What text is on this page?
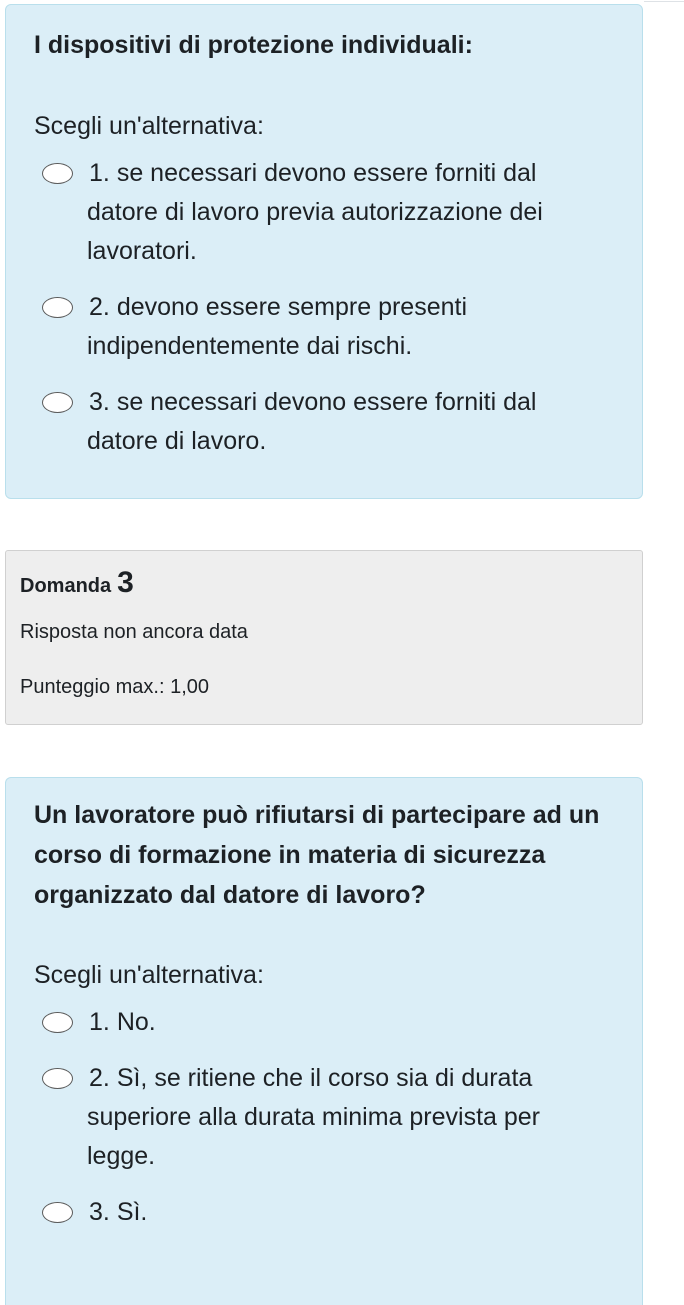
I dispositivi di protezione individuali:
Scegli un'alternativa:
1. se necessari devono essere forniti dal datore di lavoro previa autorizzazione dei lavoratori.
2. devono essere sempre presenti indipendentemente dai rischi.
3. se necessari devono essere forniti dal datore di lavoro.
Domanda 3
Risposta non ancora data
Punteggio max.: 1,00
Un lavoratore può rifiutarsi di partecipare ad un corso di formazione in materia di sicurezza organizzato dal datore di lavoro?
Scegli un'alternativa:
1. No.
2. Sì, se ritiene che il corso sia di durata superiore alla durata minima prevista per legge.
3. Sì.
